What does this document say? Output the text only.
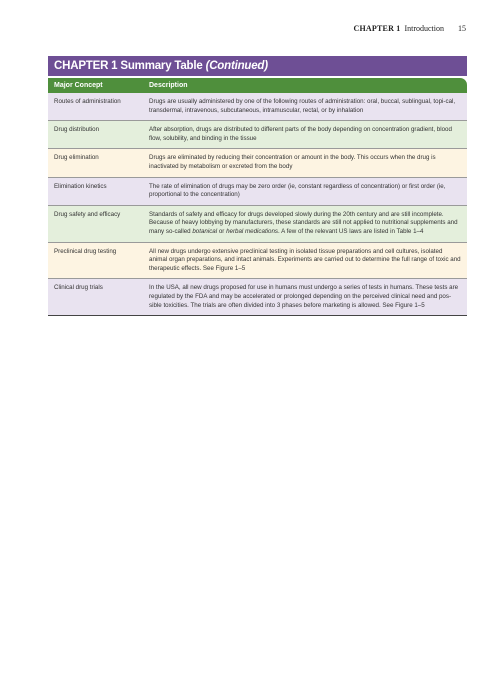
CHAPTER 1 Introduction 15
CHAPTER 1 Summary Table (Continued)
Major Concept	Description
Routes of administration	Drugs are usually administered by one of the following routes of administration: oral, buccal, sublingual, topi-cal, transdermal, intravenous, subcutaneous, intramuscular, rectal, or by inhalation
Drug distribution	After absorption, drugs are distributed to different parts of the body depending on concentration gradient, blood flow, solubility, and binding in the tissue
Drug elimination	Drugs are eliminated by reducing their concentration or amount in the body. This occurs when the drug is inactivated by metabolism or excreted from the body
Elimination kinetics	The rate of elimination of drugs may be zero order (ie, constant regardless of concentration) or first order (ie, proportional to the concentration)
Drug safety and efficacy	Standards of safety and efficacy for drugs developed slowly during the 20th century and are still incomplete. Because of heavy lobbying by manufacturers, these standards are still not applied to nutritional supplements and many so-called botanical or herbal medications. A few of the relevant US laws are listed in Table 1–4
Preclinical drug testing	All new drugs undergo extensive preclinical testing in isolated tissue preparations and cell cultures, isolated animal organ preparations, and intact animals. Experiments are carried out to determine the full range of toxic and therapeutic effects. See Figure 1–5
Clinical drug trials	In the USA, all new drugs proposed for use in humans must undergo a series of tests in humans. These tests are regulated by the FDA and may be accelerated or prolonged depending on the perceived clinical need and pos-sible toxicities. The trials are often divided into 3 phases before marketing is allowed. See Figure 1–5
